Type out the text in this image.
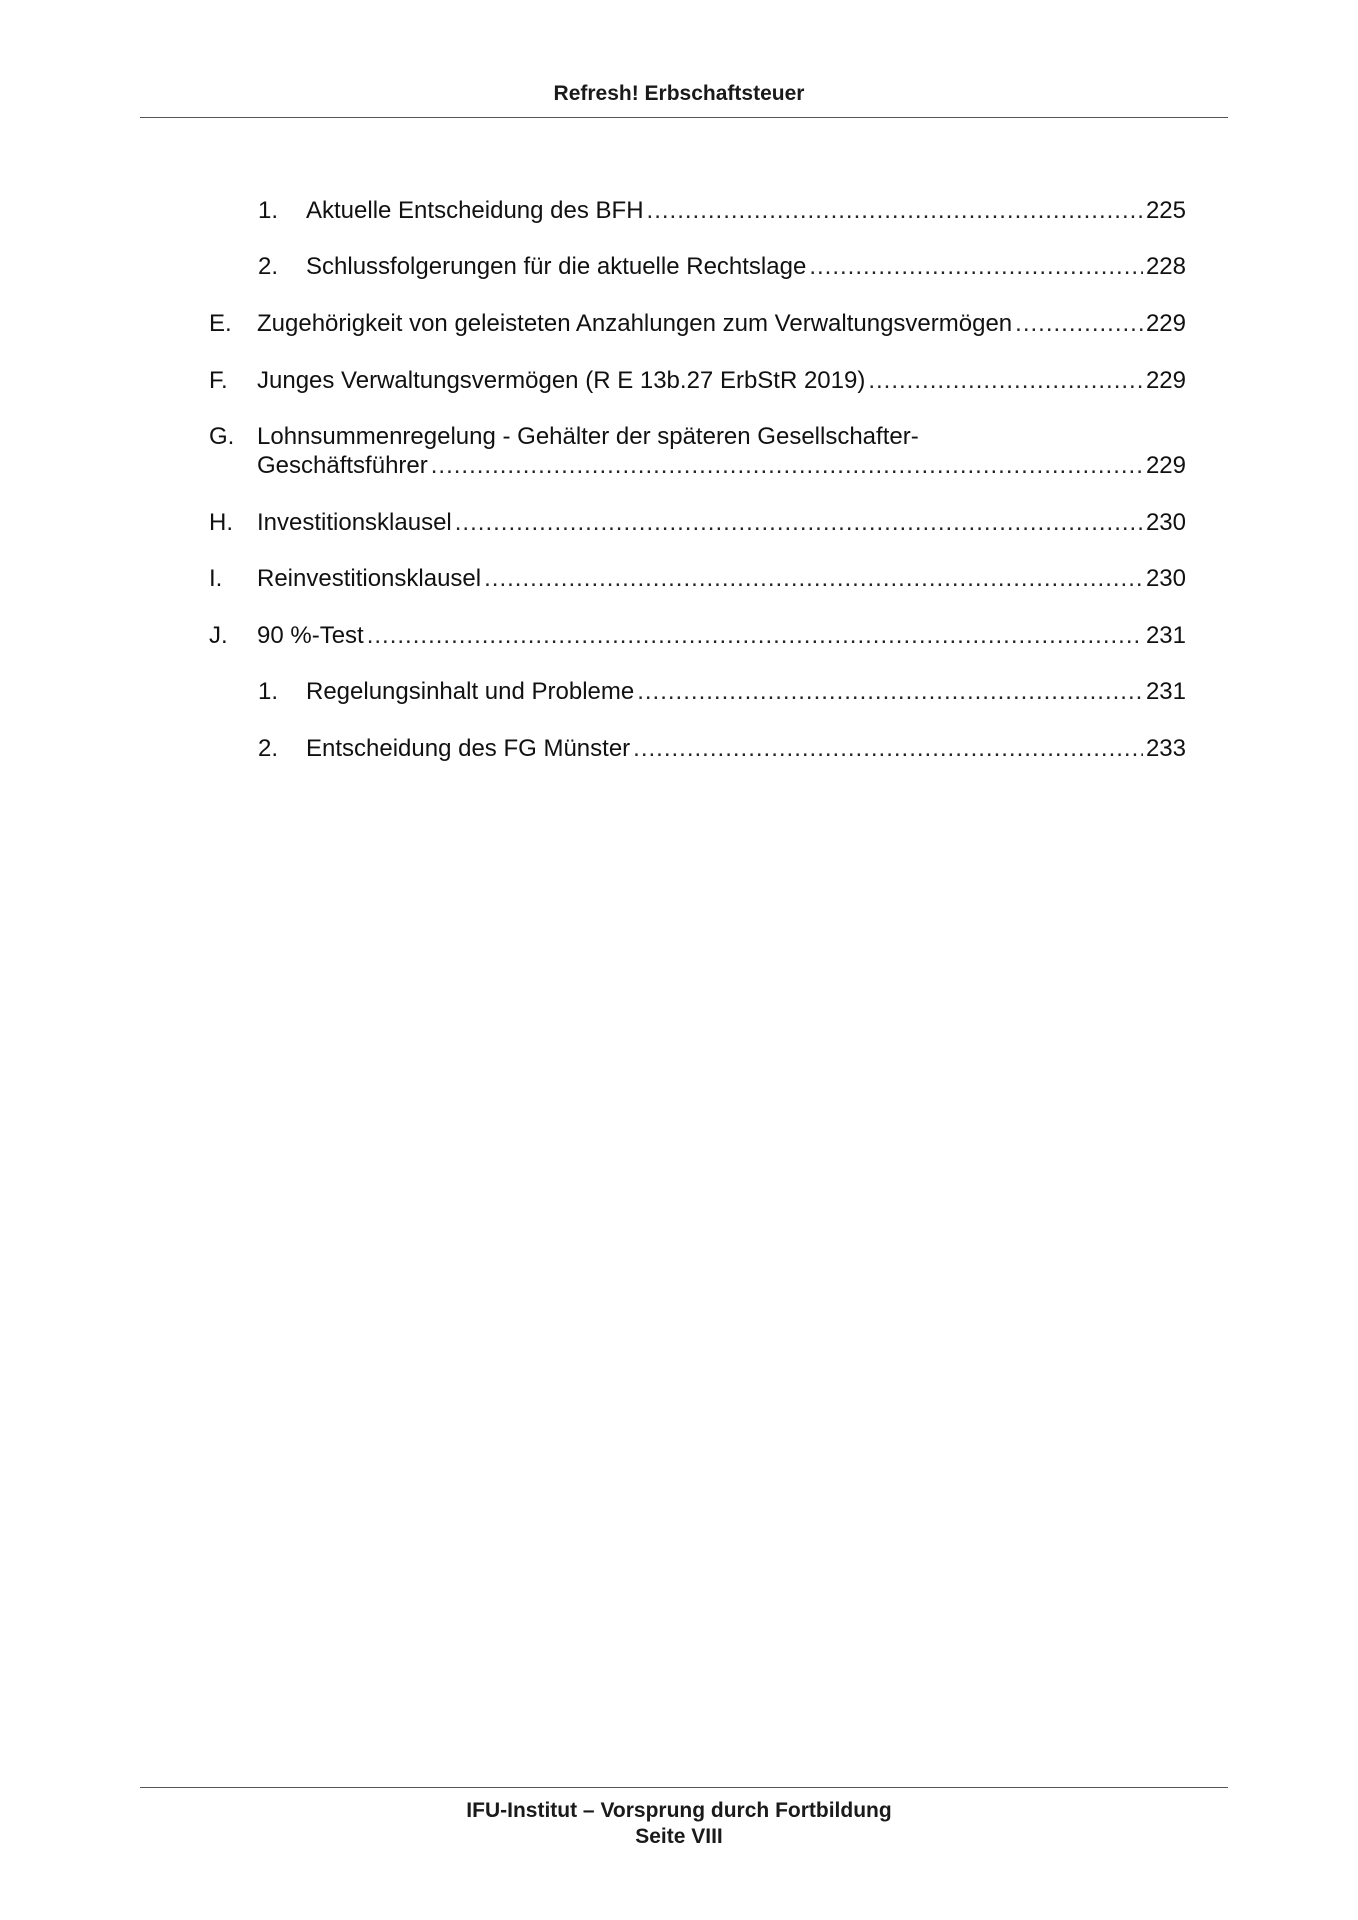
Refresh! Erbschaftsteuer
1. Aktuelle Entscheidung des BFH .....	225
2. Schlussfolgerungen für die aktuelle Rechtslage .....	228
E. Zugehörigkeit von geleisteten Anzahlungen zum Verwaltungsvermögen .....	229
F. Junges Verwaltungsvermögen (R E 13b.27 ErbStR 2019) .....	229
G. Lohnsummenregelung - Gehälter der späteren Gesellschafter-
Geschäftsführer .....	229
H. Investitionsklausel .....	230
I. Reinvestitionsklausel .....	230
J. 90 %-Test .....	231
1. Regelungsinhalt und Probleme .....	231
2. Entscheidung des FG Münster .....	233
IFU-Institut – Vorsprung durch Fortbildung
Seite VIII
